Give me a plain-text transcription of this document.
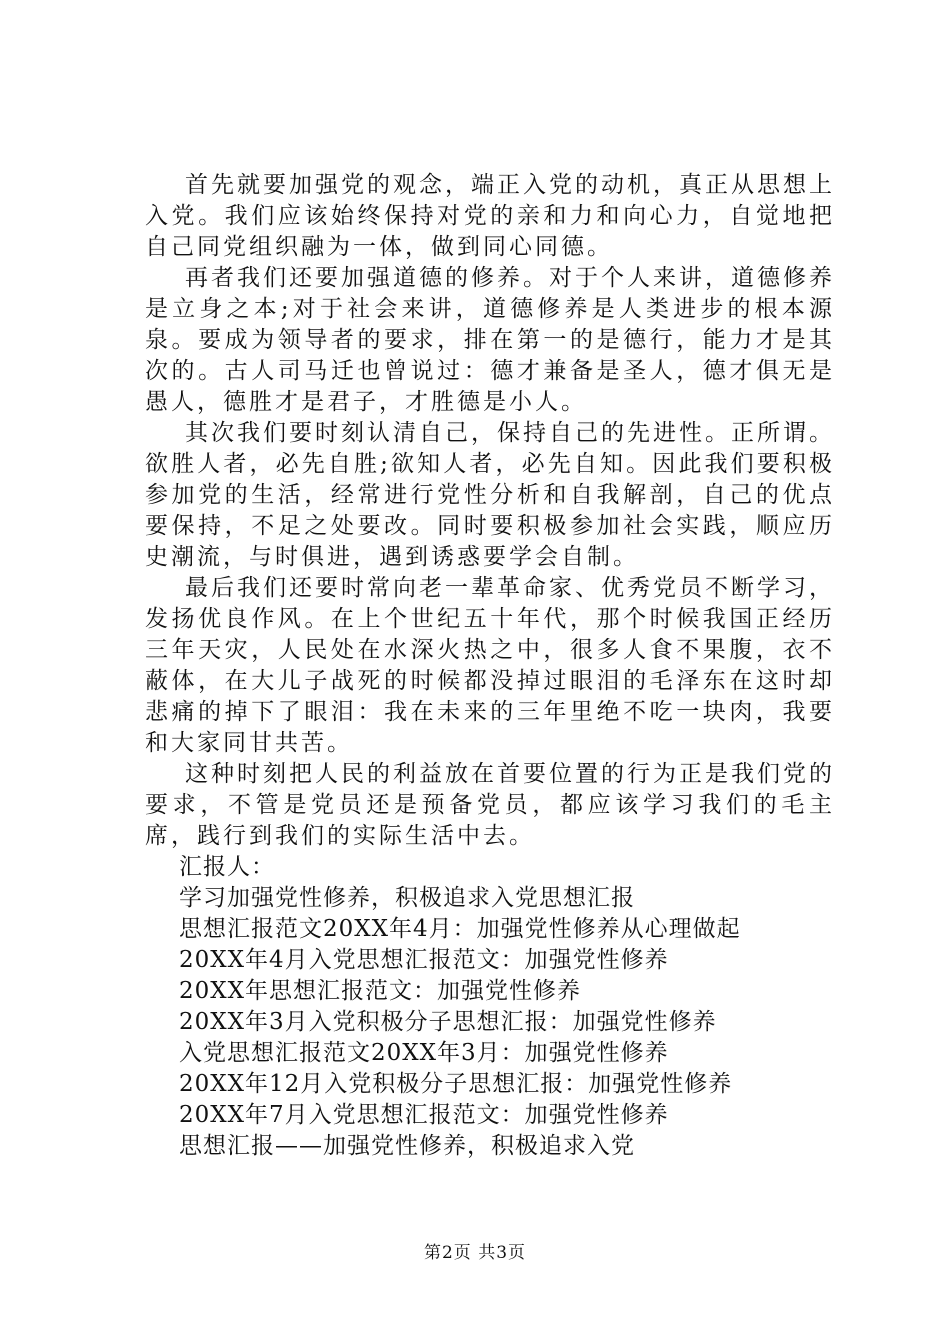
首先就要加强党的观念，端正入党的动机，真正从思想上入党。我们应该始终保持对党的亲和力和向心力，自觉地把自己同党组织融为一体，做到同心同德。

再者我们还要加强道德的修养。对于个人来讲，道德修养是立身之本;对于社会来讲，道德修养是人类进步的根本源泉。要成为领导者的要求，排在第一的是德行，能力才是其次的。古人司马迁也曾说过：德才兼备是圣人，德才俱无是愚人，德胜才是君子，才胜德是小人。

其次我们要时刻认清自己，保持自己的先进性。正所谓。欲胜人者，必先自胜;欲知人者，必先自知。因此我们要积极参加党的生活，经常进行党性分析和自我解剖，自己的优点要保持，不足之处要改。同时要积极参加社会实践，顺应历史潮流，与时俱进，遇到诱惑要学会自制。

最后我们还要时常向老一辈革命家、优秀党员不断学习，发扬优良作风。在上个世纪五十年代，那个时候我国正经历三年天灾，人民处在水深火热之中，很多人食不果腹，衣不蔽体，在大儿子战死的时候都没掉过眼泪的毛泽东在这时却悲痛的掉下了眼泪：我在未来的三年里绝不吃一块肉，我要和大家同甘共苦。

这种时刻把人民的利益放在首要位置的行为正是我们党的要求，不管是党员还是预备党员，都应该学习我们的毛主席，践行到我们的实际生活中去。

汇报人：
学习加强党性修养，积极追求入党思想汇报
思想汇报范文20XX年4月：加强党性修养从心理做起
20XX年4月入党思想汇报范文：加强党性修养
20XX年思想汇报范文：加强党性修养
20XX年3月入党积极分子思想汇报：加强党性修养
入党思想汇报范文20XX年3月：加强党性修养
20XX年12月入党积极分子思想汇报：加强党性修养
20XX年7月入党思想汇报范文：加强党性修养
思想汇报——加强党性修养，积极追求入党
第2页 共3页
